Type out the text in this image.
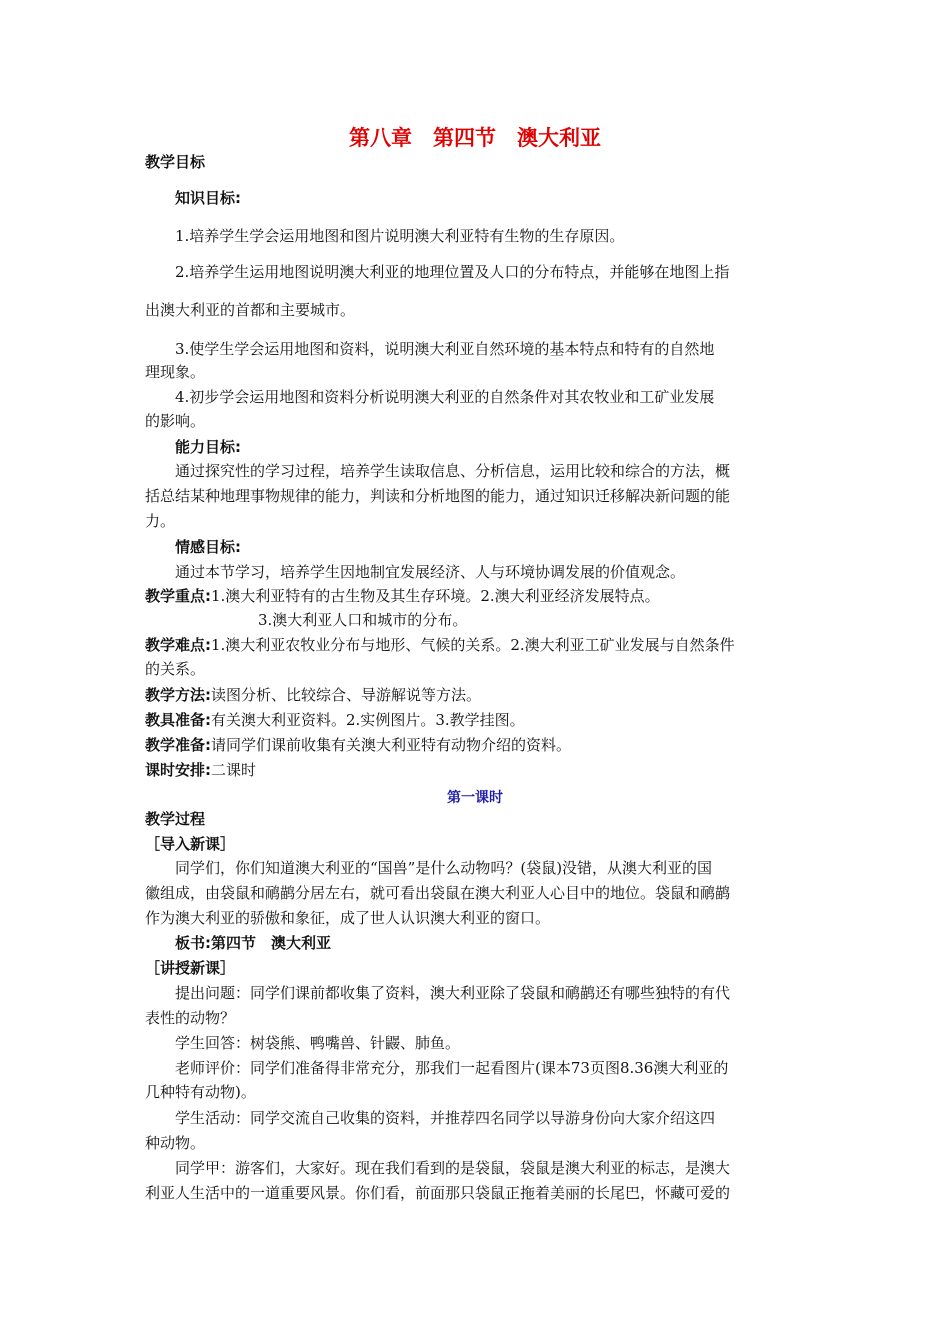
第八章　第四节　澳大利亚
教学目标
知识目标:
1.培养学生学会运用地图和图片说明澳大利亚特有生物的生存原因。
2.培养学生运用地图说明澳大利亚的地理位置及人口的分布特点，并能够在地图上指
出澳大利亚的首都和主要城市。
3.使学生学会运用地图和资料，说明澳大利亚自然环境的基本特点和特有的自然地
理现象。
4.初步学会运用地图和资料分析说明澳大利亚的自然条件对其农牧业和工矿业发展
的影响。
能力目标:
通过探究性的学习过程，培养学生读取信息、分析信息，运用比较和综合的方法，概
括总结某种地理事物规律的能力，判读和分析地图的能力，通过知识迁移解决新问题的能
力。
情感目标:
通过本节学习，培养学生因地制宜发展经济、人与环境协调发展的价值观念。
教学重点:1.澳大利亚特有的古生物及其生存环境。2.澳大利亚经济发展特点。
3.澳大利亚人口和城市的分布。
教学难点:1.澳大利亚农牧业分布与地形、气候的关系。2.澳大利亚工矿业发展与自然条件
的关系。
教学方法:读图分析、比较综合、导游解说等方法。
教具准备:有关澳大利亚资料。2.实例图片。3.教学挂图。
教学准备:请同学们课前收集有关澳大利亚特有动物介绍的资料。
课时安排:二课时
第一课时
教学过程
［导入新课］
同学们，你们知道澳大利亚的“国兽”是什么动物吗？(袋鼠)没错，从澳大利亚的国
徽组成，由袋鼠和鸸鹋分居左右，就可看出袋鼠在澳大利亚人心目中的地位。袋鼠和鸸鹋
作为澳大利亚的骄傲和象征，成了世人认识澳大利亚的窗口。
板书:第四节　澳大利亚
［讲授新课］
提出问题：同学们课前都收集了资料，澳大利亚除了袋鼠和鸸鹋还有哪些独特的有代
表性的动物？
学生回答：树袋熊、鸭嘴兽、针鼹、肺鱼。
老师评价：同学们准备得非常充分，那我们一起看图片(课本73页图8.36澳大利亚的
几种特有动物)。
学生活动：同学交流自己收集的资料，并推荐四名同学以导游身份向大家介绍这四
种动物。
同学甲：游客们，大家好。现在我们看到的是袋鼠，袋鼠是澳大利亚的标志，是澳大
利亚人生活中的一道重要风景。你们看，前面那只袋鼠正拖着美丽的长尾巴，怀藏可爱的
